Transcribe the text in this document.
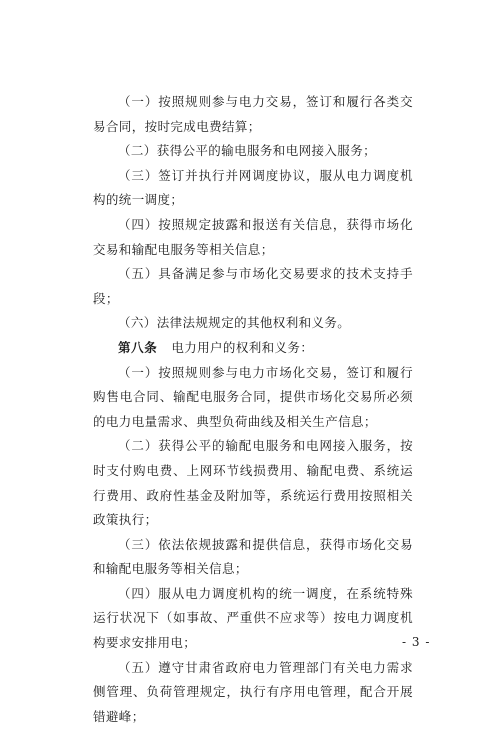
（一）按照规则参与电力交易，签订和履行各类交易合同，按时完成电费结算；

（二）获得公平的输电服务和电网接入服务；

（三）签订并执行并网调度协议，服从电力调度机构的统一调度；

（四）按照规定披露和报送有关信息，获得市场化交易和输配电服务等相关信息；

（五）具备满足参与市场化交易要求的技术支持手段；

（六）法律法规规定的其他权利和义务。

第八条 电力用户的权利和义务：

（一）按照规则参与电力市场化交易，签订和履行购售电合同、输配电服务合同，提供市场化交易所必须的电力电量需求、典型负荷曲线及相关生产信息；

（二）获得公平的输配电服务和电网接入服务，按时支付购电费、上网环节线损费用、输配电费、系统运行费用、政府性基金及附加等，系统运行费用按照相关政策执行；

（三）依法依规披露和提供信息，获得市场化交易和输配电服务等相关信息；

（四）服从电力调度机构的统一调度，在系统特殊运行状况下（如事故、严重供不应求等）按电力调度机构要求安排用电；

（五）遵守甘肃省政府电力管理部门有关电力需求侧管理、负荷管理规定，执行有序用电管理，配合开展错避峰；

- 3 -
